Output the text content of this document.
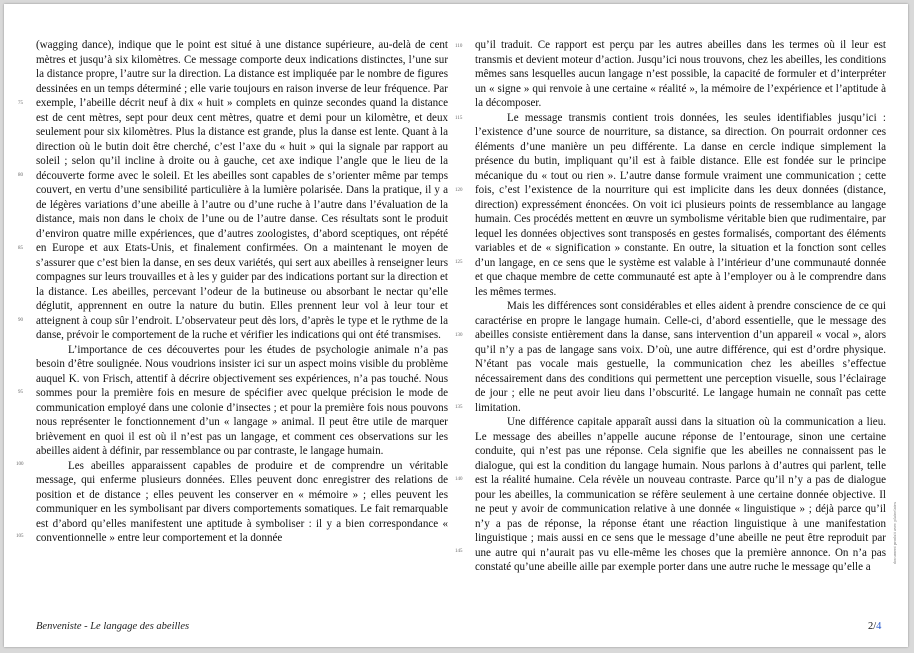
(wagging dance), indique que le point est situé à une distance supérieure, au-delà de cent mètres et jusqu’à six kilomètres. Ce message comporte deux indications distinctes, l’une sur la distance propre, l’autre sur la direction. La distance est impliquée par le nombre de figures dessinées en un temps déterminé ; elle varie toujours en raison inverse de leur fréquence. Par exemple, l’abeille décrit neuf à dix « huit » complets en quinze secondes quand la distance est de cent mètres, sept pour deux cent mètres, quatre et demi pour un kilomètre, et deux seulement pour six kilomètres. Plus la distance est grande, plus la danse est lente. Quant à la direction où le butin doit être cherché, c’est l’axe du « huit » qui la signale par rapport au soleil ; selon qu’il incline à droite ou à gauche, cet axe indique l’angle que le lieu de la découverte forme avec le soleil. Et les abeilles sont capables de s’orienter même par temps couvert, en vertu d’une sensibilité particulière à la lumière polarisée. Dans la pratique, il y a de légères variations d’une abeille à l’autre ou d’une ruche à l’autre dans l’évaluation de la distance, mais non dans le choix de l’une ou de l’autre danse. Ces résultats sont le produit d’environ quatre mille expériences, que d’autres zoologistes, d’abord sceptiques, ont répété en Europe et aux Etats-Unis, et finalement confirmées. On a maintenant le moyen de s’assurer que c’est bien la danse, en ses deux variétés, qui sert aux abeilles à renseigner leurs compagnes sur leurs trouvailles et à les y guider par des indications portant sur la direction et la distance. Les abeilles, percevant l’odeur de la butineuse ou absorbant le nectar qu’elle déglutit, apprennent en outre la nature du butin. Elles prennent leur vol à leur tour et atteignent à coup sûr l’endroit. L’observateur peut dès lors, d’après le type et le rythme de la danse, prévoir le comportement de la ruche et vérifier les indications qui ont été transmises.

L’importance de ces découvertes pour les études de psychologie animale n’a pas besoin d’être soulignée. Nous voudrions insister ici sur un aspect moins visible du problème auquel K. von Frisch, attentif à décrire objectivement ses expériences, n’a pas touché. Nous sommes pour la première fois en mesure de spécifier avec quelque précision le mode de communication employé dans une colonie d’insectes ; et pour la première fois nous pouvons nous représenter le fonctionnement d’un « langage » animal. Il peut être utile de marquer brièvement en quoi il est où il n’est pas un langage, et comment ces observations sur les abeilles aident à définir, par ressemblance ou par contraste, le langage humain.

Les abeilles apparaissent capables de produire et de comprendre un véritable message, qui enferme plusieurs données. Elles peuvent donc enregistrer des relations de position et de distance ; elles peuvent les conserver en « mémoire » ; elles peuvent les communiquer en les symbolisant par divers comportements somatiques. Le fait remarquable est d’abord qu’elles manifestent une aptitude à symboliser : il y a bien correspondance « conventionnelle » entre leur comportement et la donnée

qu’il traduit. Ce rapport est perçu par les autres abeilles dans les termes où il leur est transmis et devient moteur d’action. Jusqu’ici nous trouvons, chez les abeilles, les conditions mêmes sans lesquelles aucun langage n’est possible, la capacité de formuler et d’interpréter un « signe » qui renvoie à une certaine « réalité », la mémoire de l’expérience et l’aptitude à la décomposer.

Le message transmis contient trois données, les seules identifiables jusqu’ici : l’existence d’une source de nourriture, sa distance, sa direction. On pourrait ordonner ces éléments d’une manière un peu différente. La danse en cercle indique simplement la présence du butin, impliquant qu’il est à faible distance. Elle est fondée sur le principe mécanique du « tout ou rien ». L’autre danse formule vraiment une communication ; cette fois, c’est l’existence de la nourriture qui est implicite dans les deux données (distance, direction) expressément énoncées. On voit ici plusieurs points de ressemblance au langage humain. Ces procédés mettent en œuvre un symbolisme véritable bien que rudimentaire, par lequel les données objectives sont transposés en gestes formalisés, comportant des éléments variables et de « signification » constante. En outre, la situation et la fonction sont celles d’un langage, en ce sens que le système est valable à l’intérieur d’une communauté donnée et que chaque membre de cette communauté est apte à l’employer ou à le comprendre dans les mêmes termes.

Mais les différences sont considérables et elles aident à prendre conscience de ce qui caractérise en propre le langage humain. Celle-ci, d’abord essentielle, que le message des abeilles consiste entièrement dans la danse, sans intervention d’un appareil « vocal », alors qu’il n’y a pas de langage sans voix. D’où, une autre différence, qui est d’ordre physique. N’étant pas vocale mais gestuelle, la communication chez les abeilles s’effectue nécessairement dans des conditions qui permettent une perception visuelle, sous l’éclairage de jour ; elle ne peut avoir lieu dans l’obscurité. Le langage humain ne connaît pas cette limitation.

Une différence capitale apparaît aussi dans la situation où la communication a lieu. Le message des abeilles n’appelle aucune réponse de l’entourage, sinon une certaine conduite, qui n’est pas une réponse. Cela signifie que les abeilles ne connaissent pas le dialogue, qui est la condition du langage humain. Nous parlons à d’autres qui parlent, telle est la réalité humaine. Cela révèle un nouveau contraste. Parce qu’il n’y a pas de dialogue pour les abeilles, la communication se réfère seulement à une certaine donnée objective. Il ne peut y avoir de communication relative à une donnée « linguistique » ; déjà parce qu’il n’y a pas de réponse, la réponse étant une réaction linguistique à une manifestation linguistique ; mais aussi en ce sens que le message d’une abeille ne peut être reproduit par une autre qui n’aurait pas vu elle-même les choses que la première annonce. On n’a pas constaté qu’une abeille aille par exemple porter dans une autre ruche le message qu’elle a

75
80
85
90
95
100
105
110
115
120
125
130
135
140
145
Benveniste - Le langage des abeilles	2/4
document produit avec plainelatex
